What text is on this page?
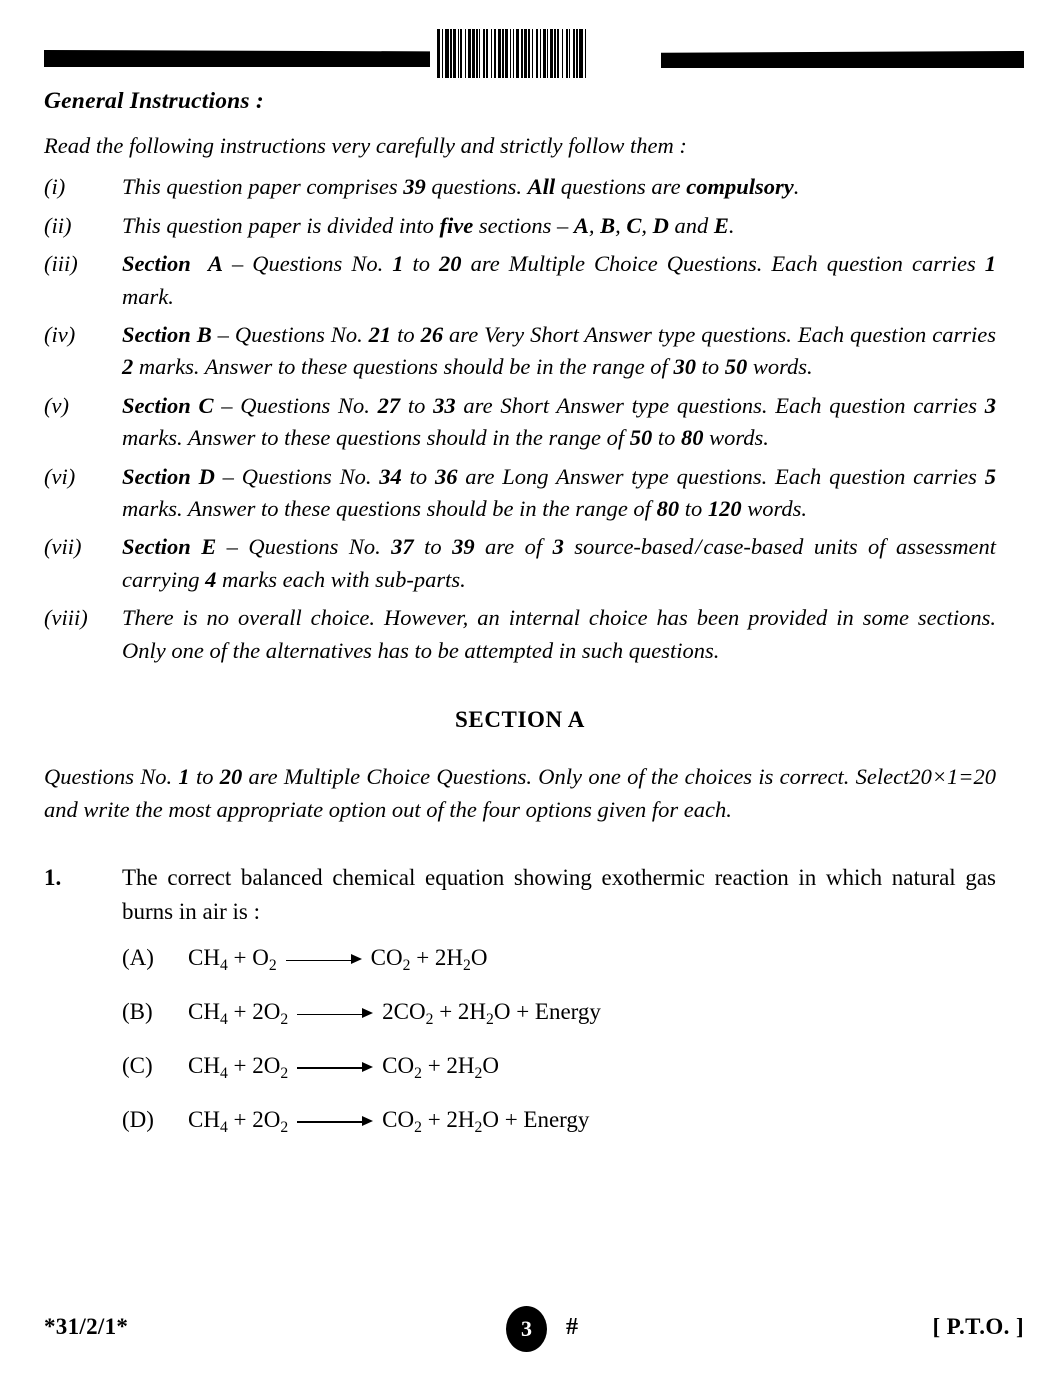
General Instructions :
Read the following instructions very carefully and strictly follow them :
(i)	This question paper comprises 39 questions. All questions are compulsory.
(ii)	This question paper is divided into five sections – A, B, C, D and E.
(iii)	Section  A – Questions No. 1 to 20 are Multiple Choice Questions. Each question carries 1 mark.
(iv)	Section B – Questions No. 21 to 26 are Very Short Answer type questions. Each question carries 2 marks. Answer to these questions should be in the range of 30 to 50 words.
(v)	Section C – Questions No. 27 to 33 are Short Answer type questions. Each question carries 3 marks. Answer to these questions should in the range of 50 to 80 words.
(vi)	Section D – Questions No. 34 to 36 are Long Answer type questions. Each question carries 5 marks. Answer to these questions should be in the range of 80 to 120 words.
(vii)	Section E – Questions No. 37 to 39 are of 3 source-based / case-based units of assessment carrying 4 marks each with sub-parts.
(viii)	There is no overall choice. However, an internal choice has been provided in some sections. Only one of the alternatives has to be attempted in such questions.
SECTION A
20×1=20
Questions No. 1 to 20 are Multiple Choice Questions. Only one of the choices is correct. Select and write the most appropriate option out of the four options given for each.
1.	The correct balanced chemical equation showing exothermic reaction in which natural gas burns in air is :
(A)	$CH_4 + O_2$	$CO_2 + 2H_2O$
(B)	$CH_4 + 2O_2$	$2CO_2 + 2H_2O$ + Energy
(C)	$CH_4 + 2O_2$	$CO_2 + 2H_2O$
(D)	$CH_4 + 2O_2$	$CO_2 + 2H_2O$ + Energy
*31/2/1*	3	#	[ P.T.O. ]
